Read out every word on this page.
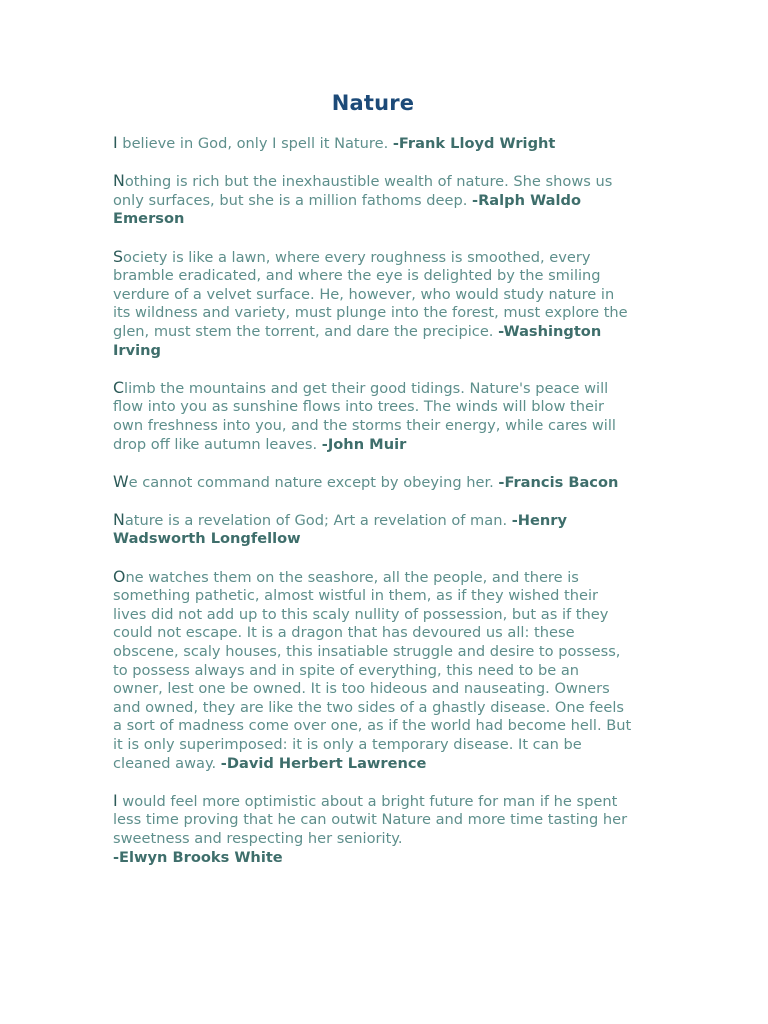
Nature

I believe in God, only I spell it Nature. -Frank Lloyd Wright

Nothing is rich but the inexhaustible wealth of nature. She shows us only surfaces, but she is a million fathoms deep. -Ralph Waldo Emerson

Society is like a lawn, where every roughness is smoothed, every bramble eradicated, and where the eye is delighted by the smiling verdure of a velvet surface. He, however, who would study nature in its wildness and variety, must plunge into the forest, must explore the glen, must stem the torrent, and dare the precipice. -Washington Irving

Climb the mountains and get their good tidings. Nature's peace will flow into you as sunshine flows into trees. The winds will blow their own freshness into you, and the storms their energy, while cares will drop off like autumn leaves. -John Muir

We cannot command nature except by obeying her. -Francis Bacon

Nature is a revelation of God; Art a revelation of man. -Henry Wadsworth Longfellow

One watches them on the seashore, all the people, and there is something pathetic, almost wistful in them, as if they wished their lives did not add up to this scaly nullity of possession, but as if they could not escape. It is a dragon that has devoured us all: these obscene, scaly houses, this insatiable struggle and desire to possess, to possess always and in spite of everything, this need to be an owner, lest one be owned. It is too hideous and nauseating. Owners and owned, they are like the two sides of a ghastly disease. One feels a sort of madness come over one, as if the world had become hell. But it is only superimposed: it is only a temporary disease. It can be cleaned away. -David Herbert Lawrence

I would feel more optimistic about a bright future for man if he spent less time proving that he can outwit Nature and more time tasting her sweetness and respecting her seniority.
-Elwyn Brooks White
